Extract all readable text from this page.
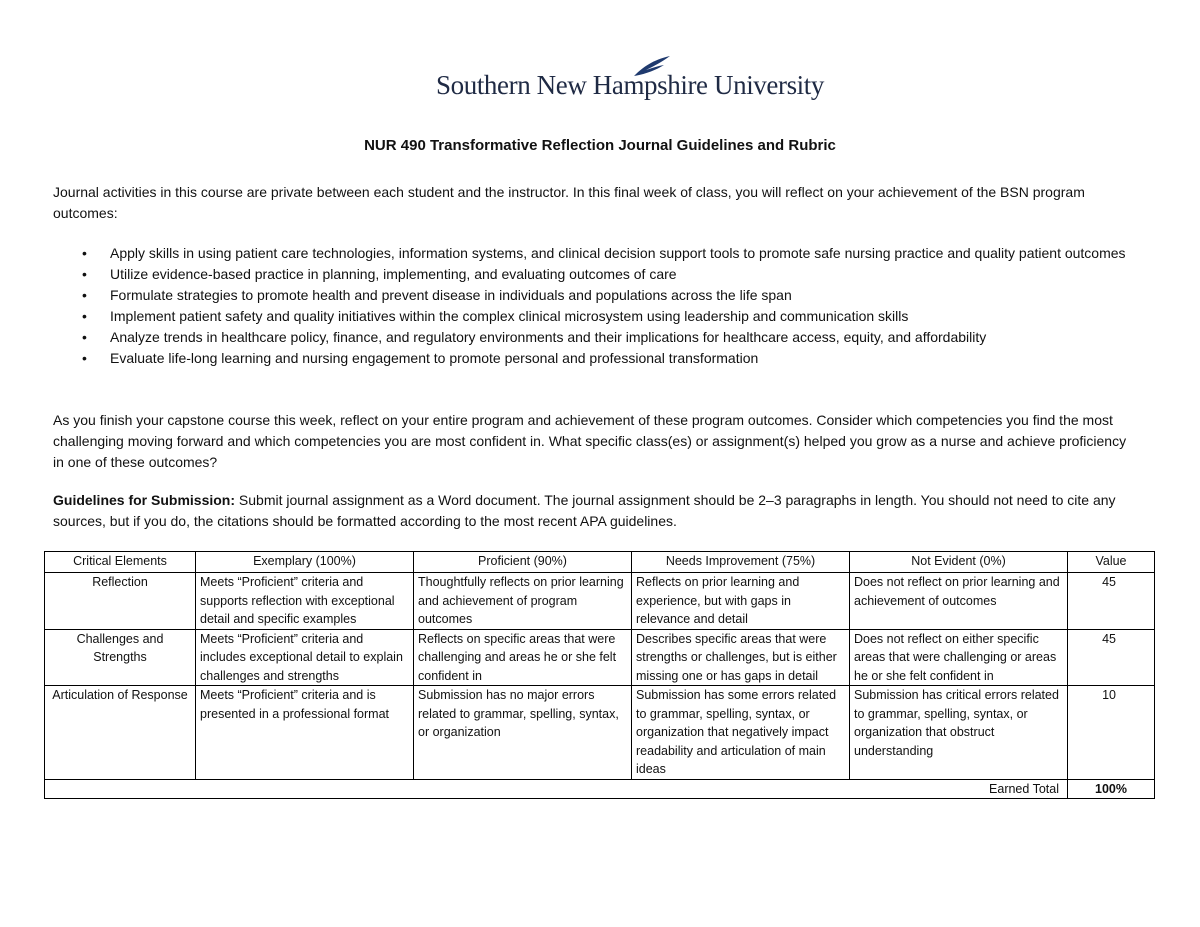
Southern New Hampshire University
NUR 490 Transformative Reflection Journal Guidelines and Rubric
Journal activities in this course are private between each student and the instructor. In this final week of class, you will reflect on your achievement of the BSN program outcomes:
• Apply skills in using patient care technologies, information systems, and clinical decision support tools to promote safe nursing practice and quality patient outcomes
• Utilize evidence-based practice in planning, implementing, and evaluating outcomes of care
• Formulate strategies to promote health and prevent disease in individuals and populations across the life span
• Implement patient safety and quality initiatives within the complex clinical microsystem using leadership and communication skills
• Analyze trends in healthcare policy, finance, and regulatory environments and their implications for healthcare access, equity, and affordability
• Evaluate life-long learning and nursing engagement to promote personal and professional transformation
As you finish your capstone course this week, reflect on your entire program and achievement of these program outcomes. Consider which competencies you find the most challenging moving forward and which competencies you are most confident in. What specific class(es) or assignment(s) helped you grow as a nurse and achieve proficiency in one of these outcomes?
Guidelines for Submission: Submit journal assignment as a Word document. The journal assignment should be 2–3 paragraphs in length. You should not need to cite any sources, but if you do, the citations should be formatted according to the most recent APA guidelines.
Critical Elements	Exemplary (100%)	Proficient (90%)	Needs Improvement (75%)	Not Evident (0%)	Value
Reflection	Meets “Proficient” criteria and supports reflection with exceptional detail and specific examples	Thoughtfully reflects on prior learning and achievement of program outcomes	Reflects on prior learning and experience, but with gaps in relevance and detail	Does not reflect on prior learning and achievement of outcomes	45
Challenges and Strengths	Meets “Proficient” criteria and includes exceptional detail to explain challenges and strengths	Reflects on specific areas that were challenging and areas he or she felt confident in	Describes specific areas that were strengths or challenges, but is either missing one or has gaps in detail	Does not reflect on either specific areas that were challenging or areas he or she felt confident in	45
Articulation of Response	Meets “Proficient” criteria and is presented in a professional format	Submission has no major errors related to grammar, spelling, syntax, or organization	Submission has some errors related to grammar, spelling, syntax, or organization that negatively impact readability and articulation of main ideas	Submission has critical errors related to grammar, spelling, syntax, or organization that obstruct understanding	10
Earned Total					100%
